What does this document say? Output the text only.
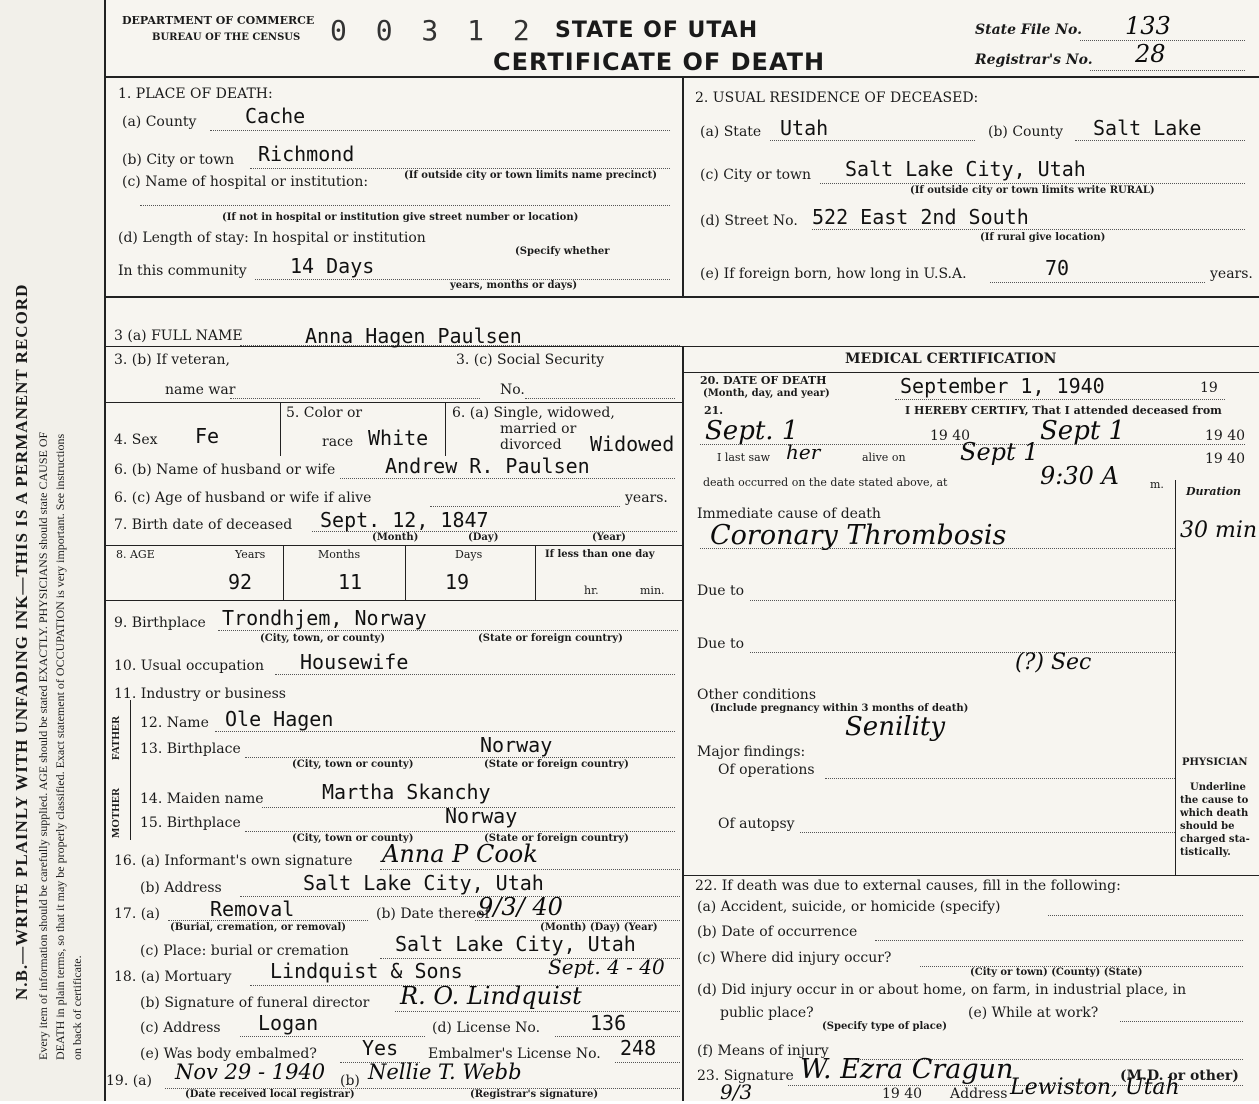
N.B.—WRITE PLAINLY WITH UNFADING INK—THIS IS A PERMANENT RECORD Every item of information should be carefully supplied. AGE should be stated EXACTLY. PHYSICIANS should state CAUSE OF DEATH in plain terms, so that it may be properly classified. Exact statement of OCCUPATION is very important. See instructions on back of certificate.
DEPARTMENT OF COMMERCE
BUREAU OF THE CENSUS 0 0 3 1 2 STATE OF UTAH
CERTIFICATE OF DEATH
State File No. 133
Registrar's No. 28
1. PLACE OF DEATH:
(a) County Cache
(b) City or town Richmond
(c) Name of hospital or institution:	(If outside city or town limits name precinct)
(If not in hospital or institution give street number or location)
(d) Length of stay: In hospital or institution
(Specify whether
In this community 14 Days
years, months or days)
3 (a) FULL NAME	Anna Hagen Paulsen
3. (b) If veteran,
name war
3. (c) Social Security
No.
4. Sex Fe
5. Color or
race White
6. (a) Single, widowed,
married or
divorced Widowed
6. (b) Name of husband or wife Andrew R. Paulsen
6. (c) Age of husband or wife if alive	years.
7. Birth date of deceased Sept. 12, 1847
(Month)	(Day)	(Year)
8. AGE	Years	Months	Days	If less than one day
92	11	19	hr.	min.
9. Birthplace Trondhjem, Norway
(City, town, or county)	(State or foreign country)
10. Usual occupation Housewife
11. Industry or business
FATHER
MOTHER
12. Name Ole Hagen
13. Birthplace	Norway
(City, town or county)	(State or foreign country)
14. Maiden name	Martha Skanchy
15. Birthplace	Norway
(City, town or county)	(State or foreign country)
16. (a) Informant's own signature Anna P Cook
(b) Address	Salt Lake City, Utah
17. (a)	Removal
(Burial, cremation, or removal)
(b) Date thereof
9/3/ 40
(Month) (Day) (Year)
(c) Place: burial or cremation Salt Lake City, Utah
18. (a) Mortuary Lindquist & Sons	Sept. 4 - 40
(b) Signature of funeral director R. O. Lindquist
(c) Address Logan	(d) License No. 136
(e) Was body embalmed? Yes Embalmer's License No. 248
19. (a) Nov 29 - 1940 (b) Nellie T. Webb
(Date received local registrar)	(Registrar's signature)
2. USUAL RESIDENCE OF DECEASED:
(a) State Utah	(b) County Salt Lake
(c) City or town Salt Lake City, Utah
(If outside city or town limits write RURAL)
(d) Street No. 522 East 2nd South
(If rural give location)
(e) If foreign born, how long in U.S.A.	70	years.
MEDICAL CERTIFICATION
20. DATE OF DEATH
(Month, day, and year)	September 1, 1940	19
21.	I HEREBY CERTIFY, That I attended deceased from
Sept. 1	19 40	Sept 1	19 40
I last saw her	alive on Sept 1	19 40
death occurred on the date stated above, at	9:30 A	m.
Duration
Immediate cause of death
Coronary Thrombosis	30 min
Due to
Due to
(?) Sec
Other conditions
(Include pregnancy within 3 months of death)
Senility
Major findings:
Of operations
Of autopsy
PHYSICIAN
Underline
the cause to
which death
should be
charged sta-
tistically.
22. If death was due to external causes, fill in the following:
(a) Accident, suicide, or homicide (specify)
(b) Date of occurrence
(c) Where did injury occur?
(City or town) (County) (State)
(d) Did injury occur in or about home, on farm, in industrial place, in
public place?
(Specify type of place)
(e) While at work?
(f) Means of injury
23. Signature W. Ezra Cragun	(M.D. or other)
9/3	19 40 Address Lewiston, Utah
